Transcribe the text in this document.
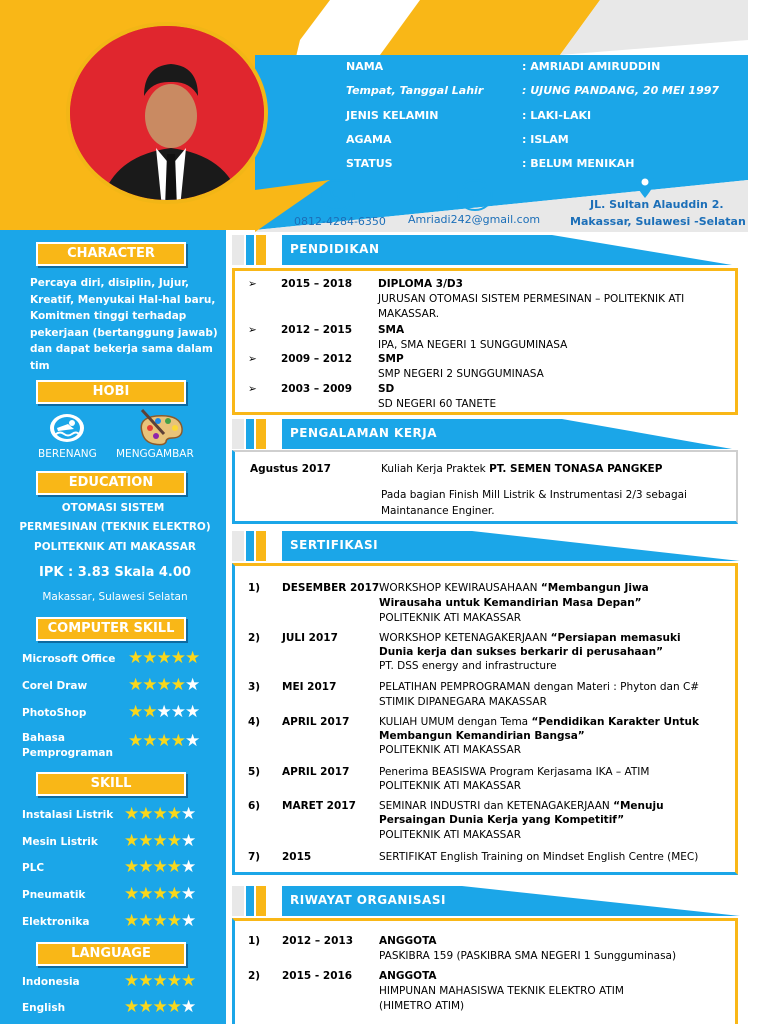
NAMA	: AMRIADI AMIRUDDIN
Tempat, Tanggal Lahir	: UJUNG PANDANG, 20 MEI 1997
JENIS KELAMIN	: LAKI-LAKI
AGAMA	: ISLAM
STATUS	: BELUM MENIKAH
0812-4284-6350 Amriadi242@gmail.com
JL. Sultan Alauddin 2.
Makassar, Sulawesi -Selatan
CHARACTER
Percaya diri, disiplin, Jujur,
Kreatif, Menyukai Hal-hal baru,
Komitmen tinggi terhadap
pekerjaan (bertanggung jawab)
dan dapat bekerja sama dalam
tim
HOBI
BERENANG MENGGAMBAR
EDUCATION
OTOMASI SISTEM
PERMESINAN (TEKNIK ELEKTRO)
POLITEKNIK ATI MAKASSAR
IPK : 3.83 Skala 4.00
Makassar, Sulawesi Selatan
COMPUTER SKILL
Microsoft Office ★★★★★
Corel Draw ★★★★★
PhotoShop ★★★★★
Bahasa
Pemprograman
★★★★★
SKILL
Instalasi Listrik ★★★★★
Mesin Listrik ★★★★★
PLC	★★★★★
Pneumatik ★★★★★
Elektronika ★★★★★
LANGUAGE
Indonesia	★★★★★
English	★★★★★
PENDIDIKAN
➢ 2015 – 2018 DIPLOMA 3/D3
JURUSAN OTOMASI SISTEM PERMESINAN – POLITEKNIK ATI
MAKASSAR.
➢ 2012 – 2015 SMA
IPA, SMA NEGERI 1 SUNGGUMINASA
➢ 2009 – 2012 SMP
SMP NEGERI 2 SUNGGUMINASA
➢ 2003 – 2009 SD
SD NEGERI 60 TANETE
PENGALAMAN KERJA
Agustus 2017	Kuliah Kerja Praktek PT. SEMEN TONASA PANGKEP
Pada bagian Finish Mill Listrik & Instrumentasi 2/3 sebagai
Maintanance Enginer.
SERTIFIKASI
1) DESEMBER 2017 WORKSHOP KEWIRAUSAHAAN “Membangun Jiwa
Wirausaha untuk Kemandirian Masa Depan”
POLITEKNIK ATI MAKASSAR
2) JULI 2017	WORKSHOP KETENAGAKERJAAN “Persiapan memasuki
Dunia kerja dan sukses berkarir di perusahaan”
PT. DSS energy and infrastructure
3) MEI 2017	PELATIHAN PEMPROGRAMAN dengan Materi : Phyton dan C#
STIMIK DIPANEGARA MAKASSAR
4) APRIL 2017	KULIAH UMUM dengan Tema “Pendidikan Karakter Untuk
Membangun Kemandirian Bangsa”
POLITEKNIK ATI MAKASSAR
5) APRIL 2017	Penerima BEASISWA Program Kerjasama IKA – ATIM
POLITEKNIK ATI MAKASSAR
6) MARET 2017 SEMINAR INDUSTRI dan KETENAGAKERJAAN “Menuju
Persaingan Dunia Kerja yang Kompetitif”
POLITEKNIK ATI MAKASSAR
7) 2015	SERTIFIKAT English Training on Mindset English Centre (MEC)
RIWAYAT ORGANISASI
1) 2012 – 2013 ANGGOTA
PASKIBRA 159 (PASKIBRA SMA NEGERI 1 Sungguminasa)
2) 2015 - 2016	ANGGOTA
HIMPUNAN MAHASISWA TEKNIK ELEKTRO ATIM
(HIMETRO ATIM)
